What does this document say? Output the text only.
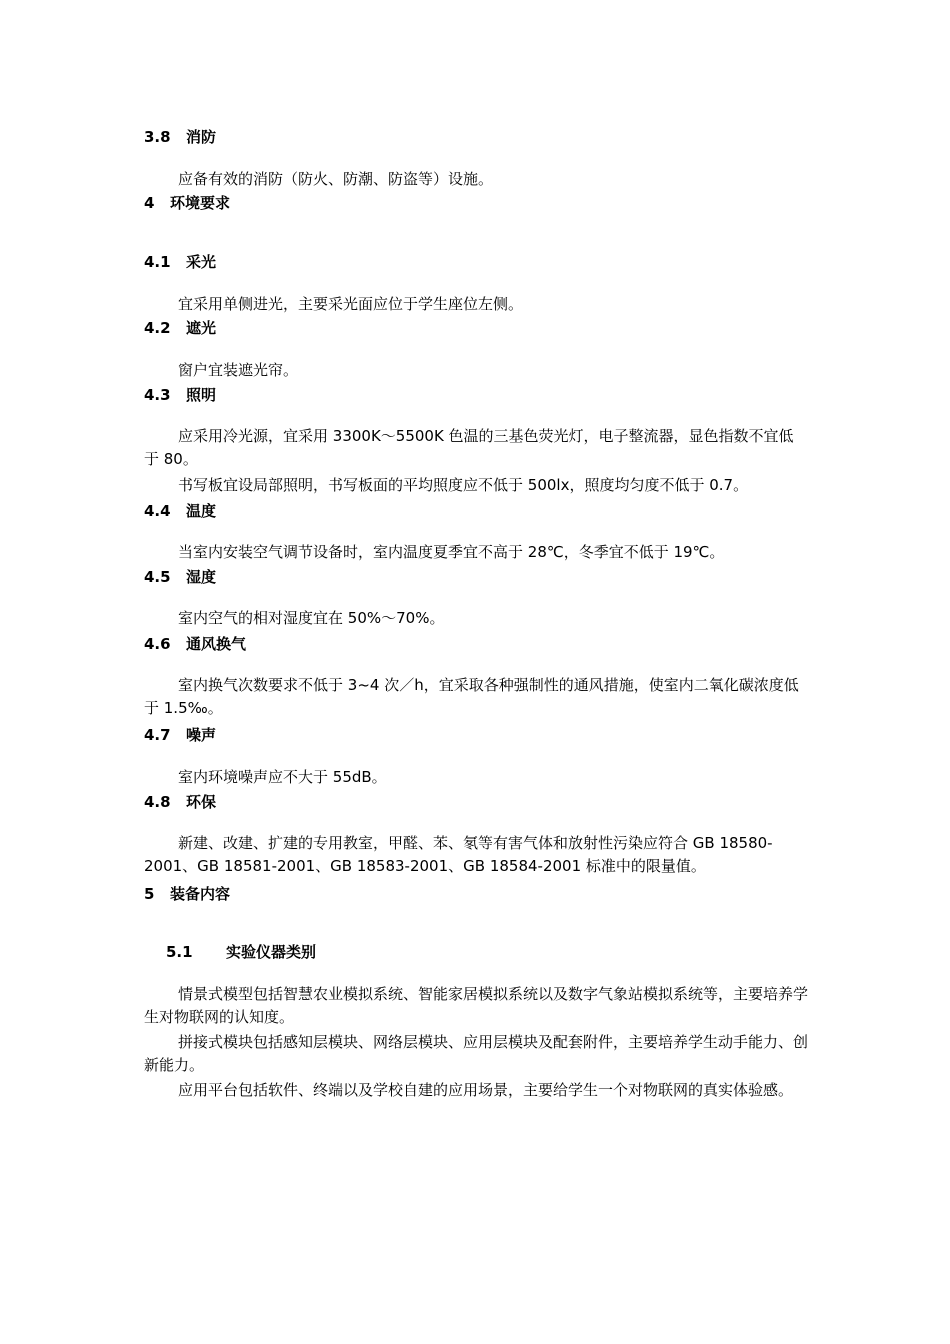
3.8 消防
应备有效的消防（防火、防潮、防盗等）设施。
4 环境要求
4.1 采光
宜采用单侧进光，主要采光面应位于学生座位左侧。
4.2 遮光
窗户宜装遮光帘。
4.3 照明
应采用冷光源，宜采用 3300K～5500K 色温的三基色荧光灯，电子整流器，显色指数不宜低于 80。
书写板宜设局部照明，书写板面的平均照度应不低于 500lx，照度均匀度不低于 0.7。
4.4 温度
当室内安装空气调节设备时，室内温度夏季宜不高于 28℃，冬季宜不低于 19℃。
4.5 湿度
室内空气的相对湿度宜在 50%～70%。
4.6 通风换气
室内换气次数要求不低于 3~4 次／h，宜采取各种强制性的通风措施，使室内二氧化碳浓度低于 1.5‰。
4.7 噪声
室内环境噪声应不大于 55dB。
4.8 环保
新建、改建、扩建的专用教室，甲醛、苯、氡等有害气体和放射性污染应符合 GB 18580-2001、GB 18581-2001、GB 18583-2001、GB 18584-2001 标准中的限量值。
5 装备内容
5.1 实验仪器类别
情景式模型包括智慧农业模拟系统、智能家居模拟系统以及数字气象站模拟系统等，主要培养学生对物联网的认知度。
拼接式模块包括感知层模块、网络层模块、应用层模块及配套附件，主要培养学生动手能力、创新能力。
应用平台包括软件、终端以及学校自建的应用场景，主要给学生一个对物联网的真实体验感。
